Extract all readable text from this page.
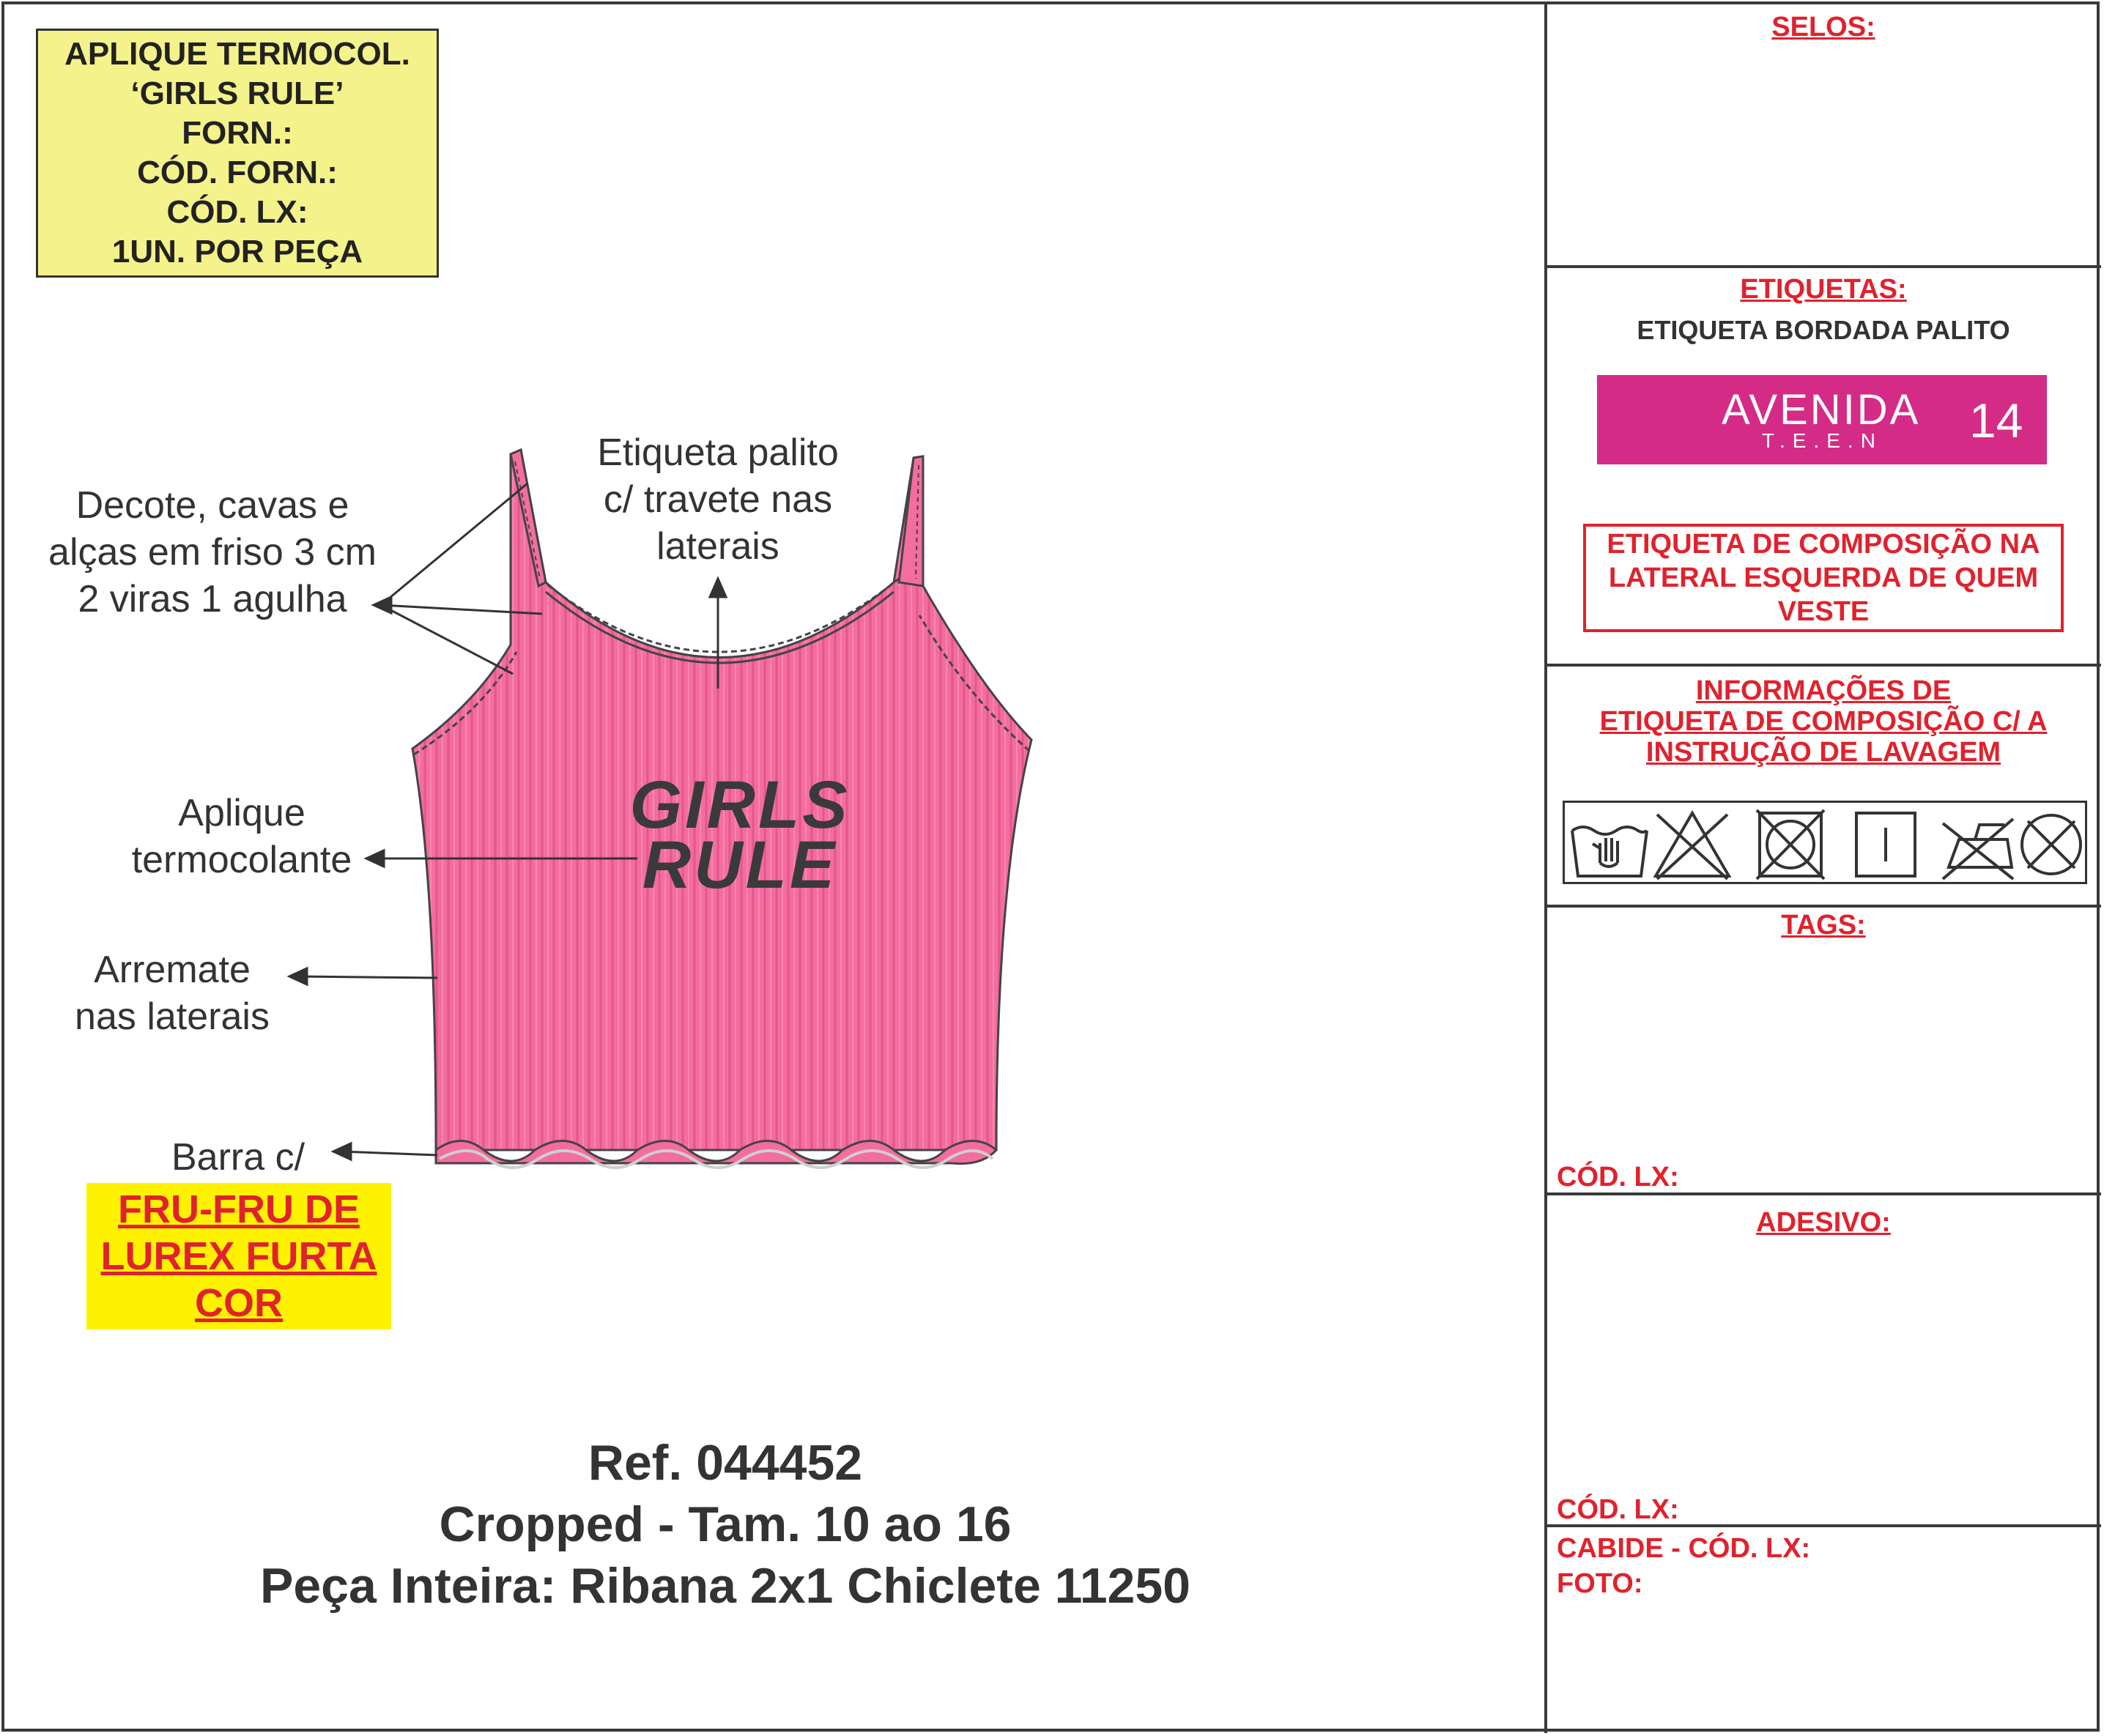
APLIQUE TERMOCOL.
‘GIRLS RULE’
FORN.:
CÓD. FORN.:
CÓD. LX:
1UN. POR PEÇA
GIRLS
RULE
Decote, cavas e
alças em friso 3 cm
2 viras 1 agulha
Etiqueta palito
c/ travete nas
laterais
Aplique
termocolante
Arremate
nas laterais
Barra c/
FRU-FRU DE
LUREX FURTA
COR
Ref. 044452
Cropped - Tam. 10 ao 16
Peça Inteira: Ribana 2x1 Chiclete 11250
SELOS:
ETIQUETAS:
ETIQUETA BORDADA PALITO
AVENIDA
T.E.E.N 14
ETIQUETA DE COMPOSIÇÃO NA
LATERAL ESQUERDA DE QUEM
VESTE
INFORMAÇÕES DE
ETIQUETA DE COMPOSIÇÃO C/ A
INSTRUÇÃO DE LAVAGEM
TAGS:
CÓD. LX:
ADESIVO:
CÓD. LX:
CABIDE - CÓD. LX:
FOTO:
